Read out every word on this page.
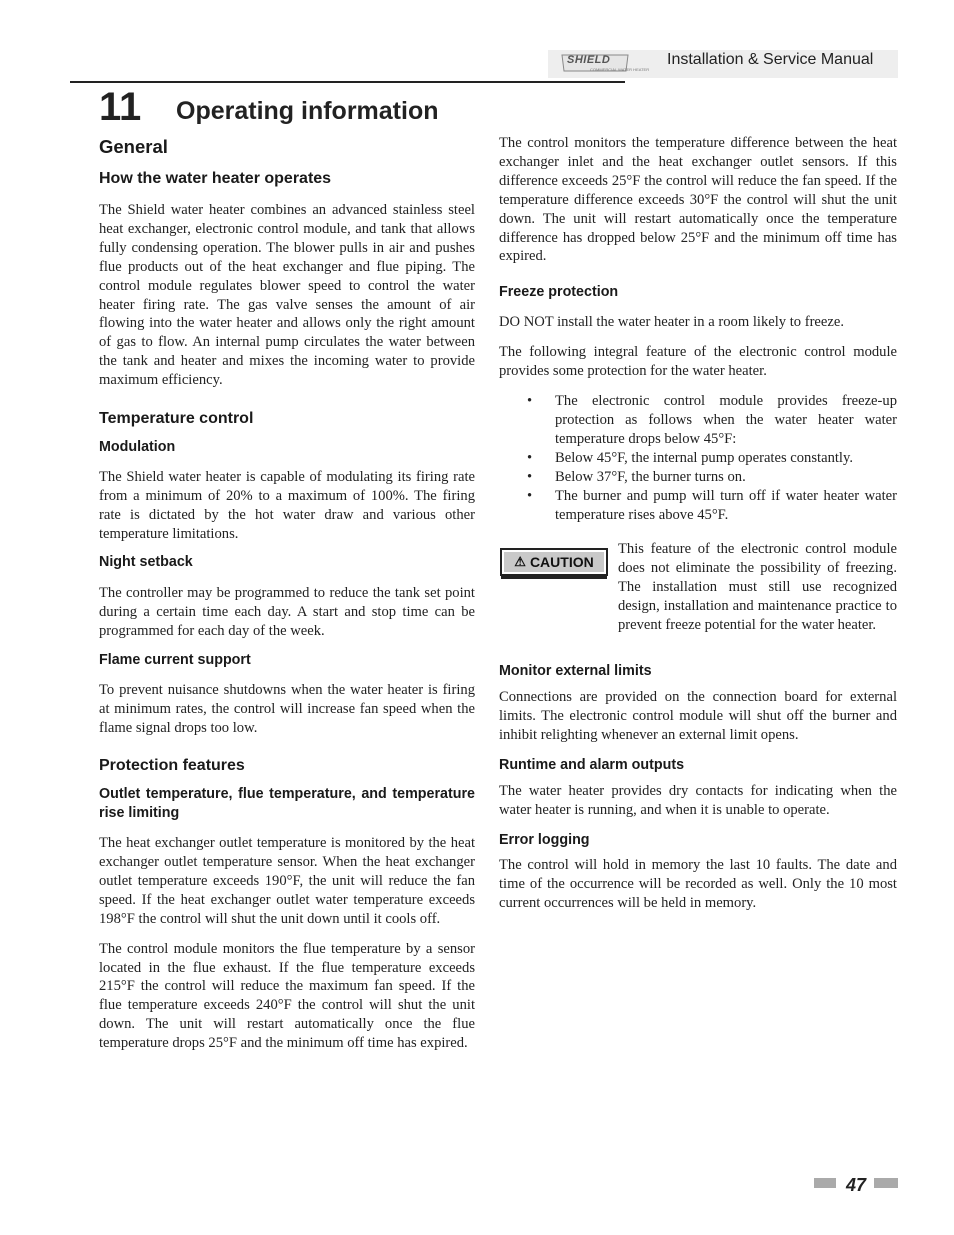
SHIELD
COMMERCIAL WATER HEATER
Installation & Service Manual
11 Operating information
General
How the water heater operates

The Shield water heater combines an advanced stainless steel heat exchanger, electronic control module, and tank that allows fully condensing operation. The blower pulls in air and pushes flue products out of the heat exchanger and flue piping. The control module regulates blower speed to control the water heater firing rate. The gas valve senses the amount of air flowing into the water heater and allows only the right amount of gas to flow. An internal pump circulates the water between the tank and heater and mixes the incoming water to provide maximum efficiency.

Temperature control
Modulation

The Shield water heater is capable of modulating its firing rate from a minimum of 20% to a maximum of 100%. The firing rate is dictated by the hot water draw and various other temperature limitations.

Night setback

The controller may be programmed to reduce the tank set point during a certain time each day. A start and stop time can be programmed for each day of the week.

Flame current support

To prevent nuisance shutdowns when the water heater is firing at minimum rates, the control will increase fan speed when the flame signal drops too low.

Protection features
Outlet temperature, flue temperature, and temperature rise limiting

The heat exchanger outlet temperature is monitored by the heat exchanger outlet temperature sensor. When the heat exchanger outlet temperature exceeds 190°F, the unit will reduce the fan speed. If the heat exchanger outlet water temperature exceeds 198°F the control will shut the unit down until it cools off.

The control module monitors the flue temperature by a sensor located in the flue exhaust. If the flue temperature exceeds 215°F the control will reduce the maximum fan speed. If the flue temperature exceeds 240°F the control will shut the unit down. The unit will restart automatically once the flue temperature drops 25°F and the minimum off time has expired.

The control monitors the temperature difference between the heat exchanger inlet and the heat exchanger outlet sensors. If this difference exceeds 25°F the control will reduce the fan speed. If the temperature difference exceeds 30°F the control will shut the unit down. The unit will restart automatically once the temperature difference has dropped below 25°F and the minimum off time has expired.

Freeze protection

DO NOT install the water heater in a room likely to freeze.

The following integral feature of the electronic control module provides some protection for the water heater.

• The electronic control module provides freeze-up protection as follows when the water heater water temperature drops below 45°F:
• Below 45°F, the internal pump operates constantly.
• Below 37°F, the burner turns on.
• The burner and pump will turn off if water heater water temperature rises above 45°F.
⚠ CAUTION

This feature of the electronic control module does not eliminate the possibility of freezing. The installation must still use recognized design, installation and maintenance practice to prevent freeze potential for the water heater.

Monitor external limits

Connections are provided on the connection board for external limits. The electronic control module will shut off the burner and inhibit relighting whenever an external limit opens.

Runtime and alarm outputs

The water heater provides dry contacts for indicating when the water heater is running, and when it is unable to operate.

Error logging

The control will hold in memory the last 10 faults. The date and time of the occurrence will be recorded as well. Only the 10 most current occurrences will be held in memory.

47
